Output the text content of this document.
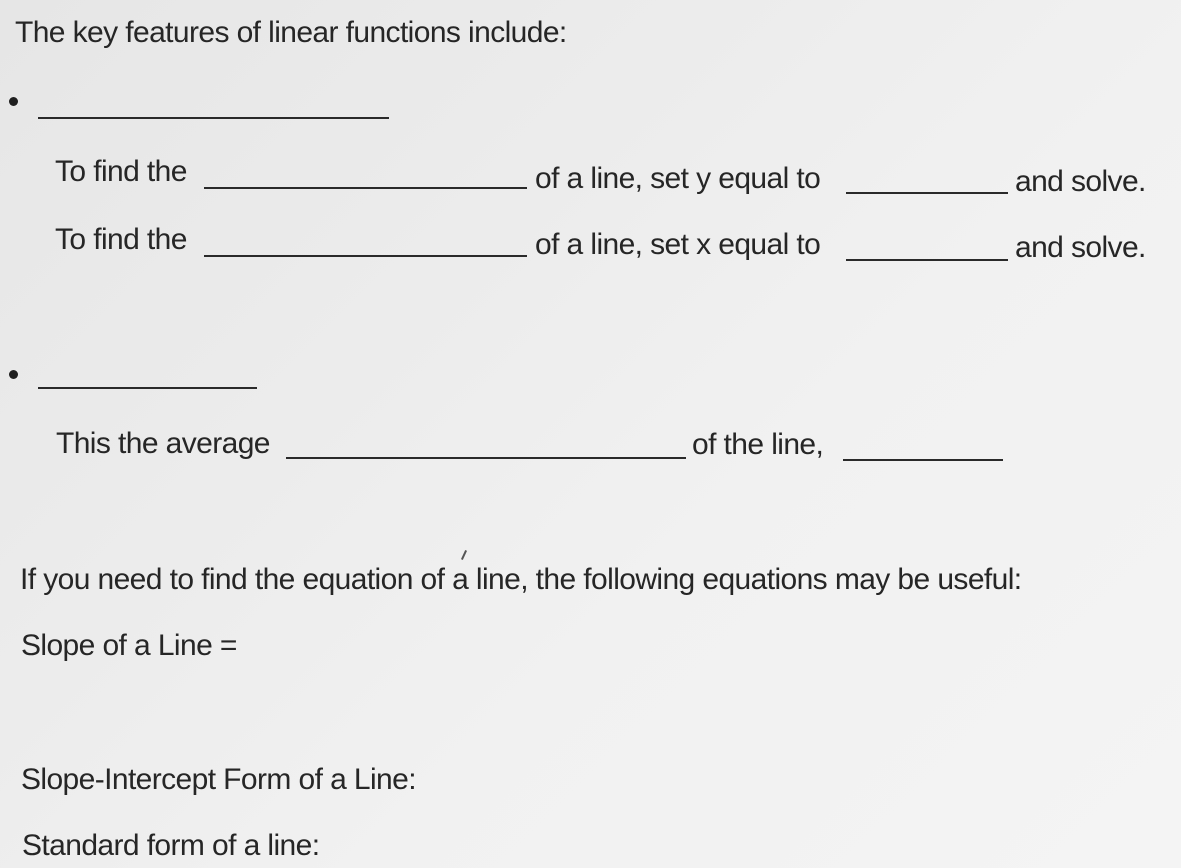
The key features of linear functions include:
To find the	of a line, set y equal to	and solve.
To find the	of a line, set x equal to	and solve.
This the average	of the line,
If you need to find the equation of a line, the following equations may be useful:
Slope of a Line =
Slope-Intercept Form of a Line:
Standard form of a line:
